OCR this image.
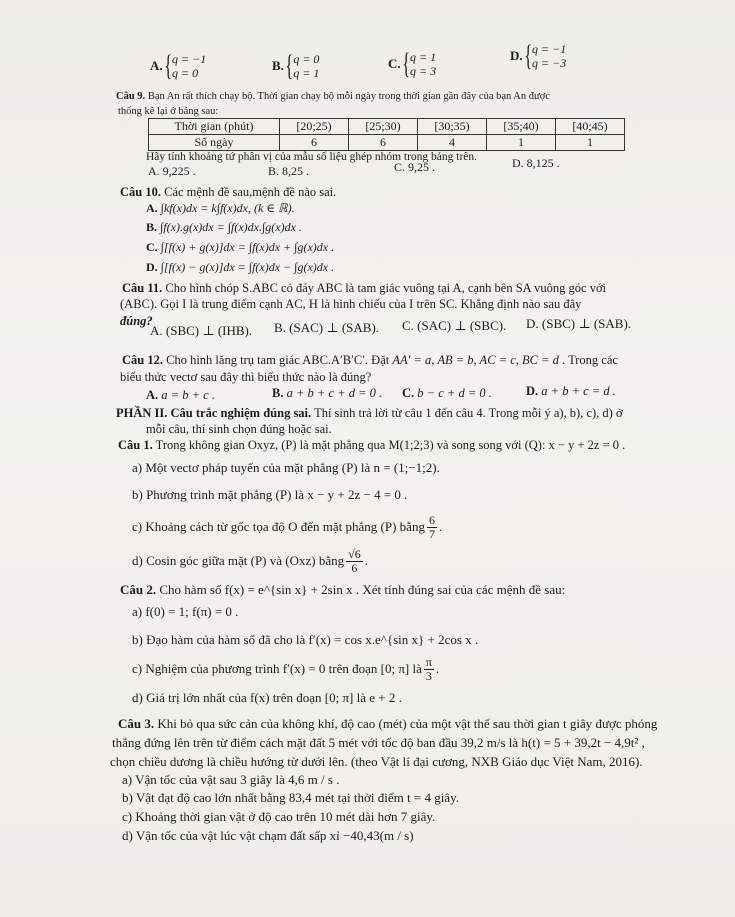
A. { q = −1
q = 0
B. { q = 0
q = 1
C. { q = 1
q = 3
D. { q = −1
q = −3
Câu 9. Bạn An rất thích chạy bộ. Thời gian chạy bộ mỗi ngày trong thời gian gần đây của bạn An được
thống kê lại ở bảng sau:
Thời gian (phút)	[20;25)	[25;30)	[30;35)	[35;40)	[40;45)
Số ngày	6	6	4	1	1
Hãy tính khoảng tứ phân vị của mẫu số liệu ghép nhóm trong bảng trên.
A. 9,225 .	B. 8,25 .	C. 9,25 .	D. 8,125 .
Câu 10. Các mệnh đề sau,mệnh đề nào sai.
A. ∫kf(x)dx = k∫f(x)dx, (k ∈ ℝ).
B. ∫f(x).g(x)dx = ∫f(x)dx.∫g(x)dx .
C. ∫[f(x) + g(x)]dx = ∫f(x)dx + ∫g(x)dx .
D. ∫[f(x) − g(x)]dx = ∫f(x)dx − ∫g(x)dx .
Câu 11. Cho hình chóp S.ABC có đáy ABC là tam giác vuông tại A, cạnh bên SA vuông góc với
(ABC). Gọi I là trung điểm cạnh AC, H là hình chiếu của I trên SC. Khẳng định nào sau đây
đúng?
A. (SBC) ⊥ (IHB). B. (SAC) ⊥ (SAB). C. (SAC) ⊥ (SBC). D. (SBC) ⊥ (SAB).
Câu 12. Cho hình lăng trụ tam giác ABC.A′B′C′. Đặt AA′ = a, AB = b, AC = c, BC = d . Trong các
biểu thức vectơ sau đây thì biểu thức nào là đúng?
A. a = b + c .	B. a + b + c + d = 0 . C. b − c + d = 0 .	D. a + b + c = d .
PHẦN II. Câu trắc nghiệm đúng sai. Thí sinh trả lời từ câu 1 đến câu 4. Trong mỗi ý a), b), c), d) ở
mỗi câu, thí sinh chọn đúng hoặc sai.
Câu 1. Trong không gian Oxyz, (P) là mặt phẳng qua M(1;2;3) và song song với (Q): x − y + 2z = 0 .
a) Một vectơ pháp tuyến của mặt phẳng (P) là n = (1;−1;2).
b) Phương trình mặt phẳng (P) là x − y + 2z − 4 = 0 .
c) Khoảng cách từ gốc tọa độ O đến mặt phẳng (P) bằng $\frac{6}{7}$ .
d) Cosin góc giữa mặt (P) và (Oxz) bằng $\frac{√6}{6}$ .
Câu 2. Cho hàm số f(x) = e^{sin x} + 2sin x . Xét tính đúng sai của các mệnh đề sau:
a) f(0) = 1; f(π) = 0 .
b) Đạo hàm của hàm số đã cho là f′(x) = cos x.e^{sin x} + 2cos x .
c) Nghiệm của phương trình f′(x) = 0 trên đoạn [0; π] là $\frac{\pi}{3}$ .
d) Giá trị lớn nhất của f(x) trên đoạn [0; π] là e + 2 .
Câu 3. Khi bỏ qua sức cản của không khí, độ cao (mét) của một vật thể sau thời gian t giây được phóng
thẳng đứng lên trên từ điểm cách mặt đất 5 mét với tốc độ ban đầu 39,2 m/s là h(t) = 5 + 39,2t − 4,9t² ,
chọn chiều dương là chiều hướng từ dưới lên. (theo Vật lí đại cương, NXB Giáo dục Việt Nam, 2016).
a) Vận tốc của vật sau 3 giây là 4,6 m / s .
b) Vật đạt độ cao lớn nhất bằng 83,4 mét tại thời điểm t = 4 giây.
c) Khoảng thời gian vật ở độ cao trên 10 mét dài hơn 7 giây.
d) Vận tốc của vật lúc vật chạm đất sấp xỉ −40,43(m / s)
